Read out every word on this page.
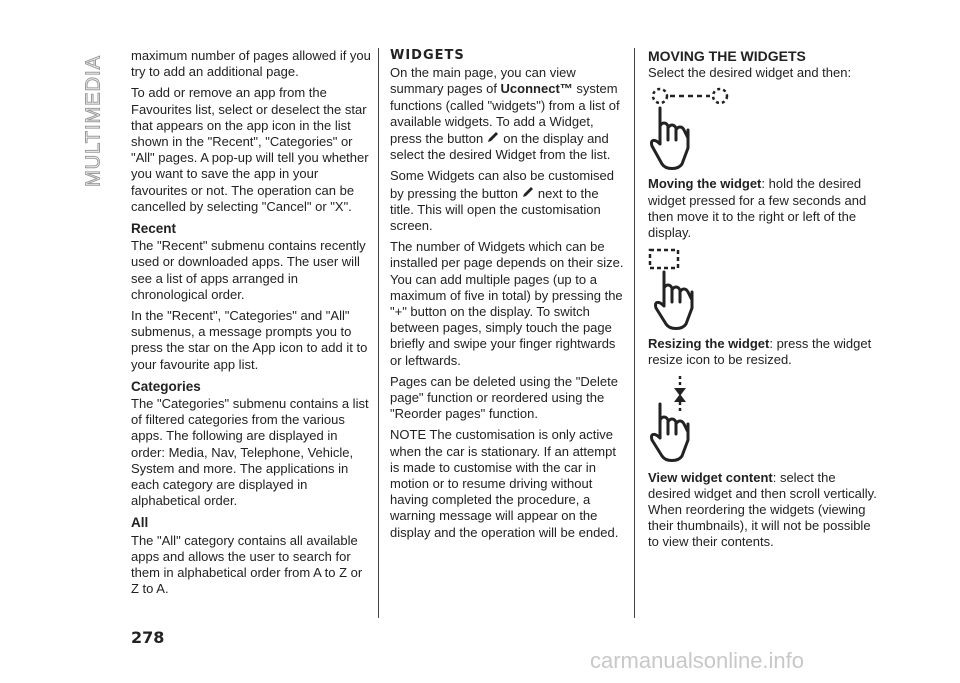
MULTIMEDIA maximum number of pages allowed if you try to add an additional page.

To add or remove an app from the Favourites list, select or deselect the star that appears on the app icon in the list shown in the "Recent", "Categories" or "All" pages. A pop-up will tell you whether you want to save the app in your favourites or not. The operation can be cancelled by selecting "Cancel" or "X".

Recent

The "Recent" submenu contains recently used or downloaded apps. The user will see a list of apps arranged in chronological order.

In the "Recent", "Categories" and "All" submenus, a message prompts you to press the star on the App icon to add it to your favourite app list.

Categories

The "Categories" submenu contains a list of filtered categories from the various apps. The following are displayed in order: Media, Nav, Telephone, Vehicle, System and more. The applications in each category are displayed in alphabetical order.

All

The "All" category contains all available apps and allows the user to search for them in alphabetical order from A to Z or Z to A.

WIDGETS

On the main page, you can view summary pages of Uconnect™ system functions (called "widgets") from a list of available widgets. To add a Widget, press the button on the display and select the desired Widget from the list.

Some Widgets can also be customised by pressing the button next to the title. This will open the customisation screen.

The number of Widgets which can be installed per page depends on their size. You can add multiple pages (up to a maximum of five in total) by pressing the "+" button on the display. To switch between pages, simply touch the page briefly and swipe your finger rightwards or leftwards.

Pages can be deleted using the "Delete page" function or reordered using the "Reorder pages" function.

NOTE The customisation is only active when the car is stationary. If an attempt is made to customise with the car in motion or to resume driving without having completed the procedure, a warning message will appear on the display and the operation will be ended.

MOVING THE WIDGETS

Select the desired widget and then:

Moving the widget: hold the desired widget pressed for a few seconds and then move it to the right or left of the display.

Resizing the widget: press the widget resize icon to be resized.

View widget content: select the desired widget and then scroll vertically. When reordering the widgets (viewing their thumbnails), it will not be possible to view their contents.

278
carmanualsonline.info
